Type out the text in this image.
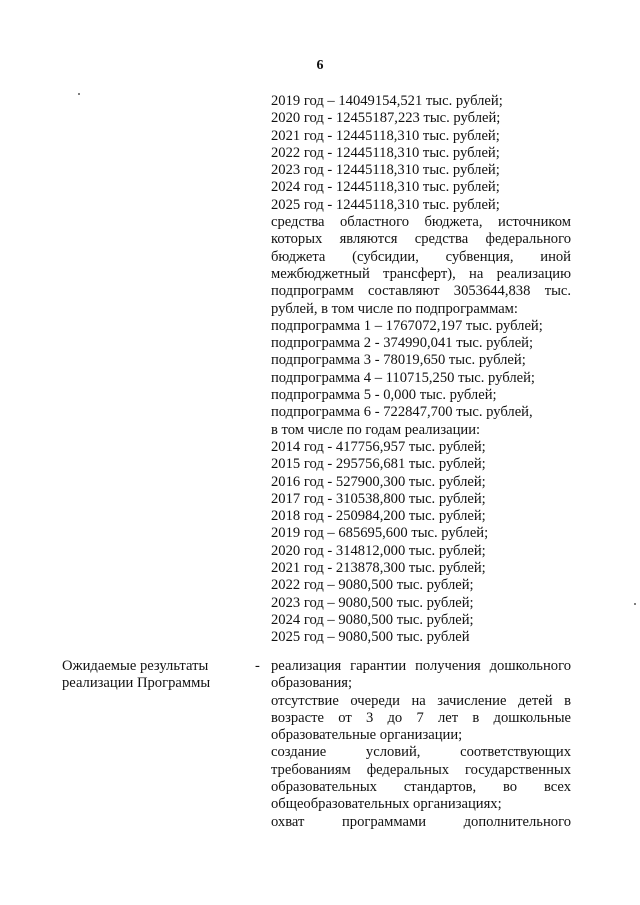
6
2019 год – 14049154,521 тыс. рублей;
2020 год - 12455187,223 тыс. рублей;
2021 год - 12445118,310 тыс. рублей;
2022 год - 12445118,310 тыс. рублей;
2023 год - 12445118,310 тыс. рублей;
2024 год - 12445118,310 тыс. рублей;
2025 год - 12445118,310 тыс. рублей;
средства областного бюджета, источником
которых являются средства федерального
бюджета (субсидии, субвенция, иной
межбюджетный трансферт), на реализацию
подпрограмм составляют 3053644,838 тыс.
рублей, в том числе по подпрограммам:
подпрограмма 1 – 1767072,197 тыс. рублей;
подпрограмма 2 - 374990,041 тыс. рублей;
подпрограмма 3 - 78019,650 тыс. рублей;
подпрограмма 4 – 110715,250 тыс. рублей;
подпрограмма 5 - 0,000 тыс. рублей;
подпрограмма 6 - 722847,700 тыс. рублей,
в том числе по годам реализации:
2014 год - 417756,957 тыс. рублей;
2015 год - 295756,681 тыс. рублей;
2016 год - 527900,300 тыс. рублей;
2017 год - 310538,800 тыс. рублей;
2018 год - 250984,200 тыс. рублей;
2019 год – 685695,600 тыс. рублей;
2020 год - 314812,000 тыс. рублей;
2021 год - 213878,300 тыс. рублей;
2022 год – 9080,500 тыс. рублей;
2023 год – 9080,500 тыс. рублей;
2024 год – 9080,500 тыс. рублей;
2025 год – 9080,500 тыс. рублей
Ожидаемые результаты
реализации Программы
- реализация гарантии получения дошкольного
образования;
отсутствие очереди на зачисление детей в
возрасте от 3 до 7 лет в дошкольные
образовательные организации;
создание условий, соответствующих
требованиям федеральных государственных
образовательных стандартов, во всех
общеобразовательных организациях;
охват программами дополнительного
